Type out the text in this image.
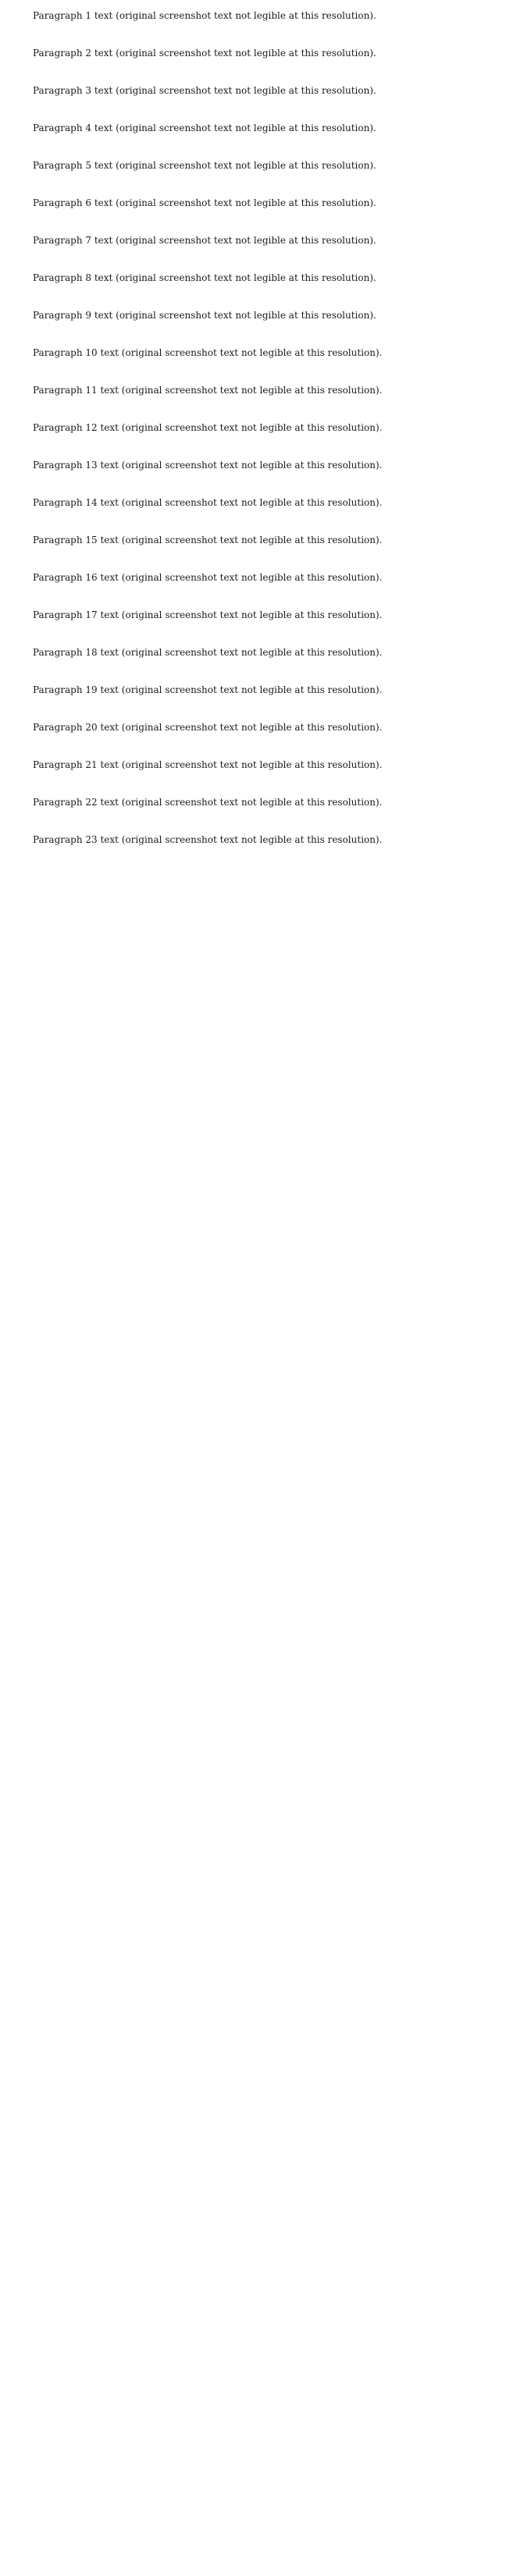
Paragraph 1 text (original screenshot text not legible at this resolution).
Paragraph 2 text (original screenshot text not legible at this resolution).
Paragraph 3 text (original screenshot text not legible at this resolution).
Paragraph 4 text (original screenshot text not legible at this resolution).
Paragraph 5 text (original screenshot text not legible at this resolution).
Paragraph 6 text (original screenshot text not legible at this resolution).
Paragraph 7 text (original screenshot text not legible at this resolution).
Paragraph 8 text (original screenshot text not legible at this resolution).
Paragraph 9 text (original screenshot text not legible at this resolution).
Paragraph 10 text (original screenshot text not legible at this resolution).
Paragraph 11 text (original screenshot text not legible at this resolution).
Paragraph 12 text (original screenshot text not legible at this resolution).
Paragraph 13 text (original screenshot text not legible at this resolution).
Paragraph 14 text (original screenshot text not legible at this resolution).
Paragraph 15 text (original screenshot text not legible at this resolution).
Paragraph 16 text (original screenshot text not legible at this resolution).
Paragraph 17 text (original screenshot text not legible at this resolution).
Paragraph 18 text (original screenshot text not legible at this resolution).
Paragraph 19 text (original screenshot text not legible at this resolution).
Paragraph 20 text (original screenshot text not legible at this resolution).
Paragraph 21 text (original screenshot text not legible at this resolution).
Paragraph 22 text (original screenshot text not legible at this resolution).
Paragraph 23 text (original screenshot text not legible at this resolution).
